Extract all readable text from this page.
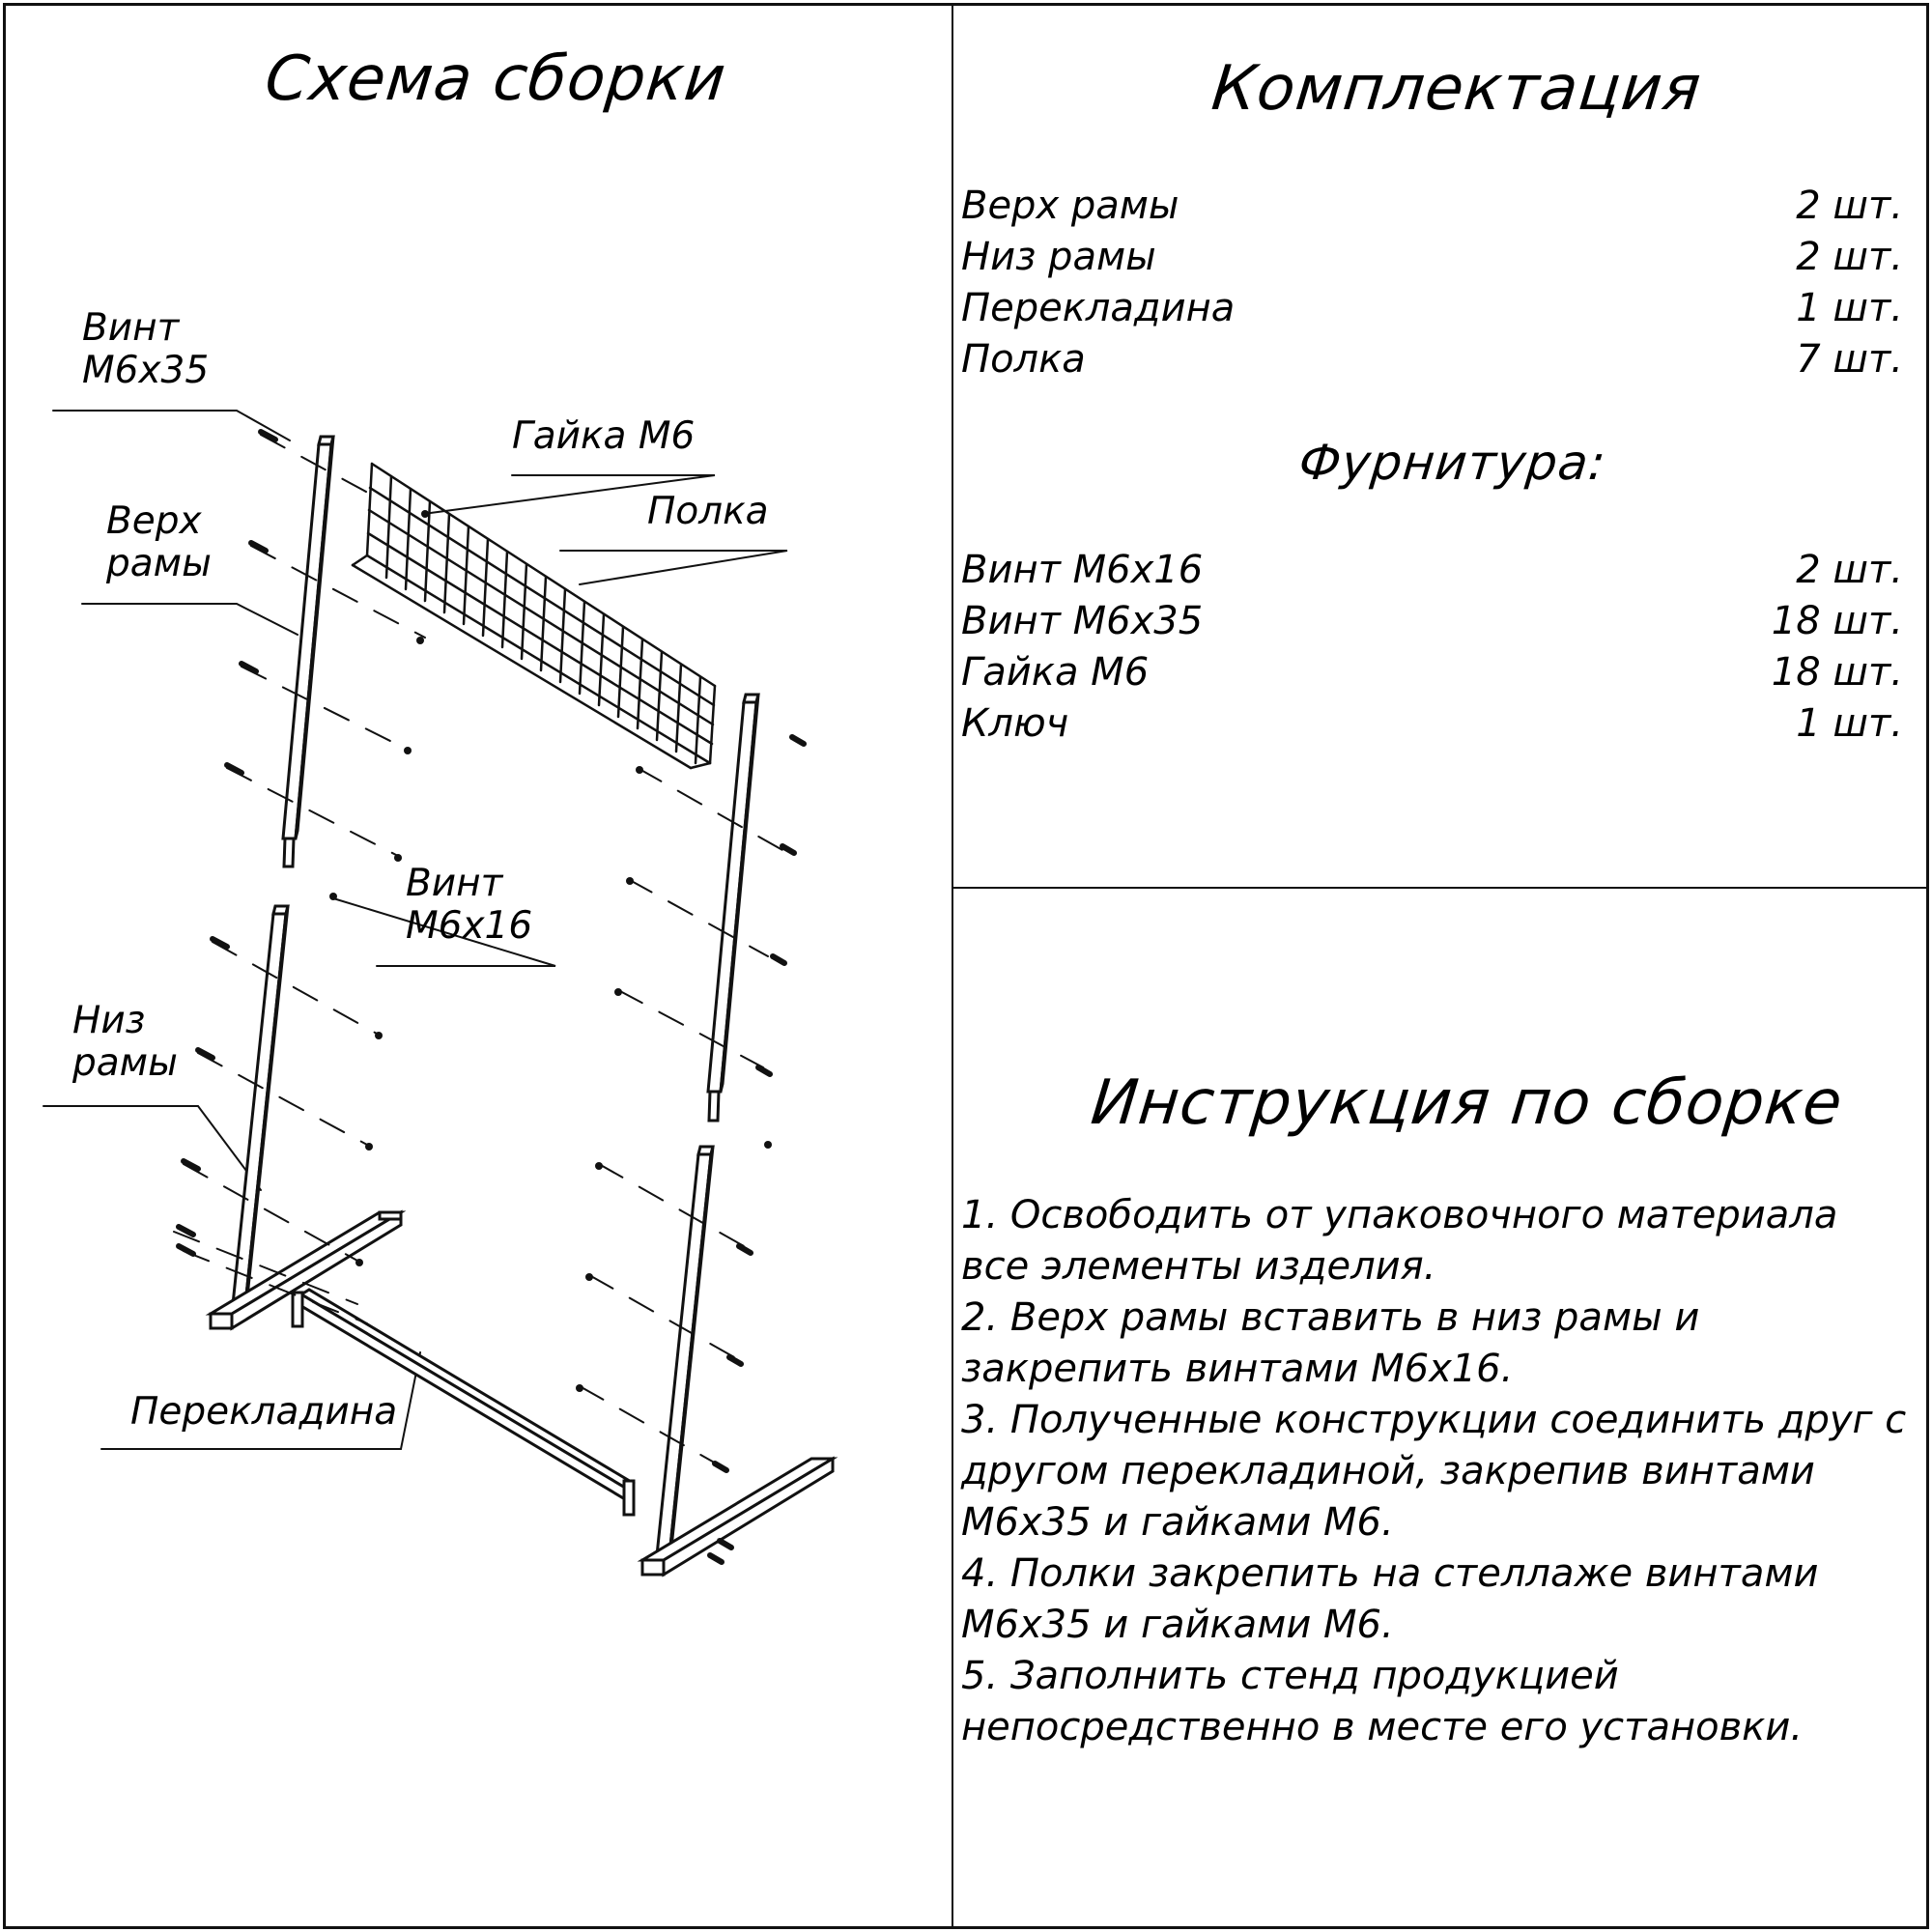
Схема сборки	Комплектация
Фурнитура:
Инструкция по сборке
Верх рамы	2 шт.
Низ рамы	2 шт.
Перекладина	1 шт.
Полка	7 шт.
Винт М6х16	2 шт.
Винт М6х35	18 шт.
Гайка М6	18 шт.
Ключ	1 шт.
1. Освободить от упаковочного материала все элементы изделия.
2. Верх рамы вставить в низ рамы и закрепить винтами М6х16.
3. Полученные конструкции соединить друг с другом перекладиной, закрепив винтами М6х35 и гайками М6.
4. Полки закрепить на стеллаже винтами М6х35 и гайками М6.
5. Заполнить стенд продукцией непосредственно в месте его установки.
Винт
М6х35
Гайка М6
Полка
Верх
рамы
Винт
М6х16
Низ
рамы
Перекладина
